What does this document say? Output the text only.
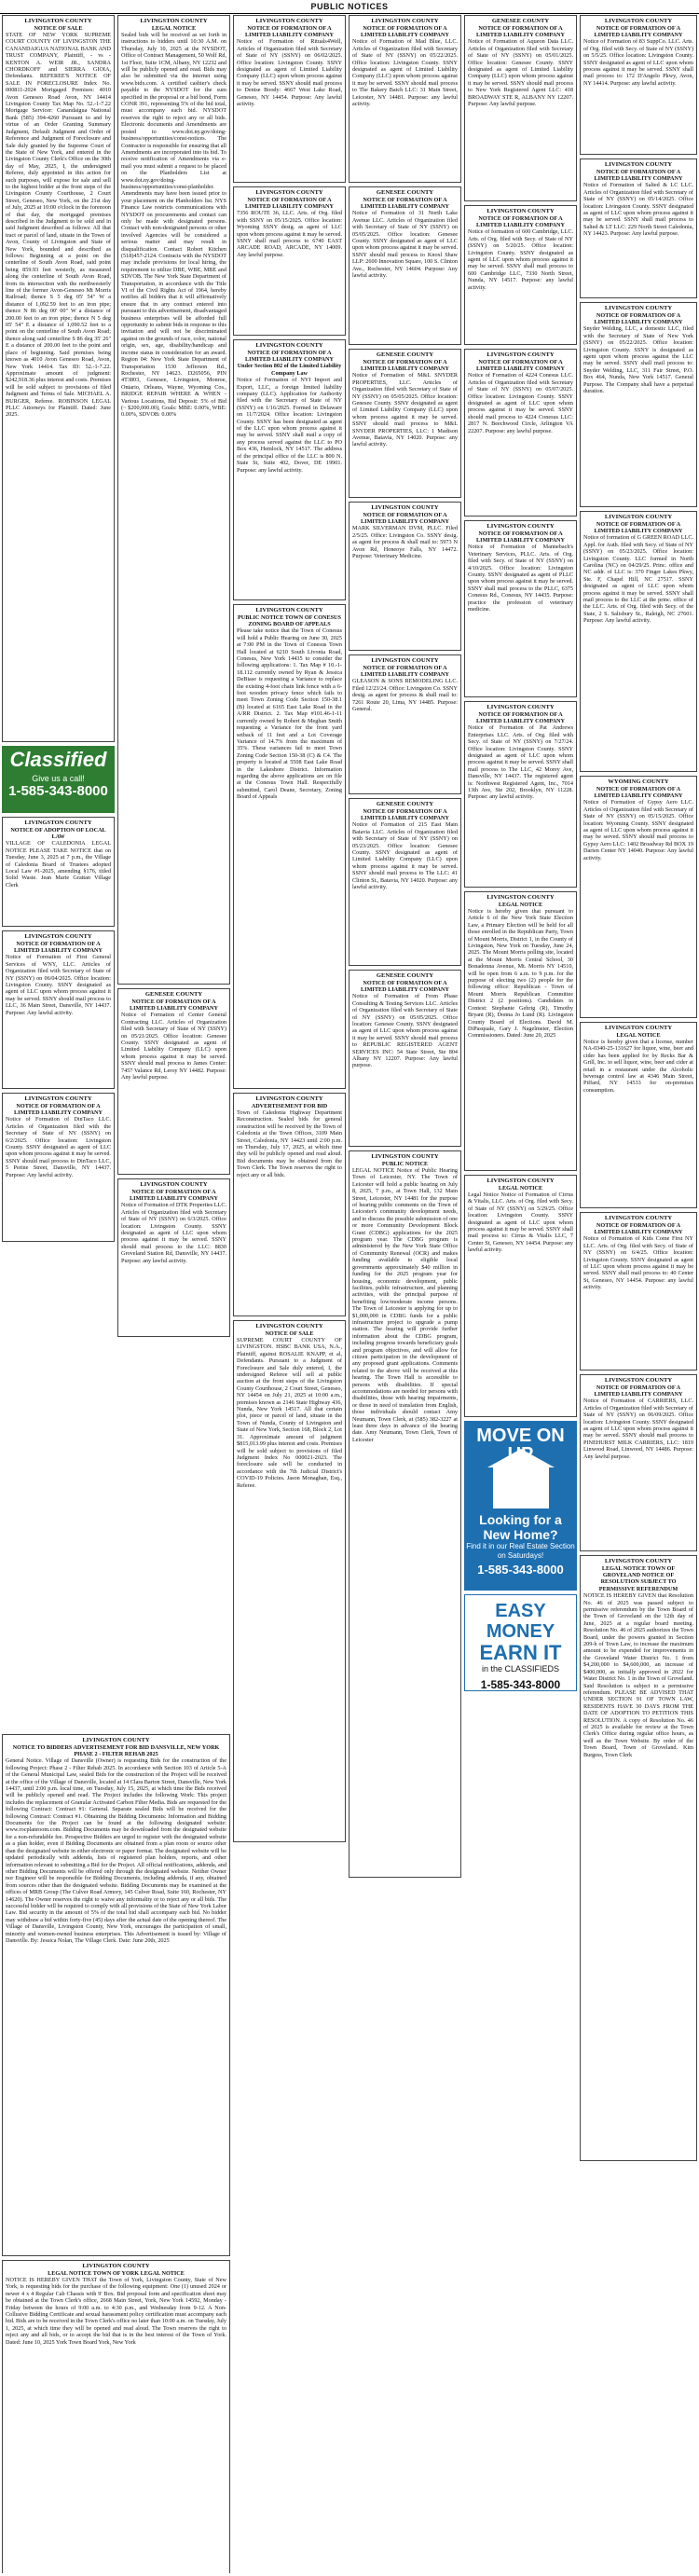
PUBLIC NOTICES
LIVINGSTON COUNTY
NOTICE OF SALE
STATE OF NEW YORK SUPREME COURT COUNTY OF LIVINGSTON THE CANANDAIGUA NATIONAL BANK AND TRUST COMPANY, Plaintiff, - vs - KENTON A. WEIR JR., SANDRA CHORDKOFF and SIERRA GIOIA, Defendants. REFEREE'S NOTICE OF SALE IN FORECLOSURE Index No. 000811-2024 Mortgaged Premises: 4010 Avon Geneseo Road Avon, NY 14414 Livingston County Tax Map No. 52.-1-7.22 Mortgage Servicer: Canandaigua National Bank (585) 394-4260 Pursuant to and by virtue of an Order Granting Summary Judgment, Default Judgment and Order of Reference and Judgment of Foreclosure and Sale duly granted by the Supreme Court of the State of New York, and entered in the Livingston County Clerk's Office on the 30th day of May, 2025, I, the undersigned Referee, duly appointed in this action for such purposes, will expose for sale and sell to the highest bidder at the front steps of the Livingston County Courthouse, 2 Court Street, Geneseo, New York, on the 21st day of July, 2025 at 10:00 o'clock in the forenoon of that day, the mortgaged premises described in the Judgment to be sold and in said Judgment described as follows: All that tract or parcel of land, situate in the Town of Avon, County of Livingston and State of New York, bounded and described as follows: Beginning at a point on the centerline of South Avon Road, said point being 859.93 feet westerly, as measured along the centerline of South Avon Road, from its intersection with the northwesterly line of the former Avon-Geneseo Mt Morris Railroad; thence S 5 deg 05' 54" W a distance of 1,092.59 feet to an iron pipe; thence N 86 deg 00' 00" W a distance of 200.00 feet to an iron pipe; thence N 5 deg 05' 54" E a distance of 1,090.52 feet to a point on the centerline of South Avon Road; thence along said centerline S 86 deg 35' 26" E a distance of 200.00 feet to the point and place of beginning. Said premises being known as 4010 Avon Geneseo Road, Avon, New York 14414. Tax ID: 52.-1-7.22. Approximate amount of judgment: $242,918.36 plus interest and costs. Premises will be sold subject to provisions of filed Judgment and Terms of Sale. MICHAEL A. BURGER, Referee. ROBINSON LEGAL PLLC Attorneys for Plaintiff. Dated: June 2025.
Classified
Give us a call!
1-585-343-8000
LIVINGSTON COUNTY
NOTICE OF ADOPTION OF LOCAL LAW
VILLAGE OF CALEDONIA LEGAL NOTICE PLEASE TAKE NOTICE that on Tuesday, June 3, 2025 at 7 p.m., the Village of Caledonia Board of Trustees adopted Local Law #1-2025, amending §176, titled Solid Waste. Jean Marie Grattan Village Clerk
LIVINGSTON COUNTY
NOTICE OF FORMATION OF A LIMITED LIABILITY COMPANY
Notice of Formation of First General Services of WNY, LLC. Articles of Organization filed with Secretary of State of NY (SSNY) on 06/04/2025. Office location: Livingston County. SSNY designated as agent of LLC upon whom process against it may be served. SSNY should mail process to LLC, 36 Main Street, Dansville, NY 14437. Purpose: Any lawful activity.
LIVINGSTON COUNTY
NOTICE OF FORMATION OF A LIMITED LIABILITY COMPANY
Notice of Formation of DinTaco LLC. Articles of Organization filed with the Secretary of State of NY (SSNY) on 6/2/2025. Office location: Livingston County. SSNY designated as agent of LLC upon whom process against it may be served. SSNY should mail process to DinTaco LLC, 5 Perine Street, Dansville, NY 14437. Purpose: Any lawful activity.
LIVINGSTON COUNTY
LEGAL NOTICE
Sealed bids will be received as set forth in instructions to bidders until 10:30 A.M. on Thursday, July 10, 2025 at the NYSDOT, Office of Contract Management, 50 Wolf Rd, 1st Floor, Suite 1CM, Albany, NY 12232 and will be publicly opened and read. Bids may also be submitted via the internet using www.bidx.com. A certified cashier's check payable to the NYSDOT for the sum specified in the proposal or a bid bond, Form CONR 391, representing 5% of the bid total, must accompany each bid. NYSDOT reserves the right to reject any or all bids. Electronic documents and Amendments are posted to www.dot.ny.gov/doing-business/opportunities/const-notices. The Contractor is responsible for ensuring that all Amendments are incorporated into its bid. To receive notification of Amendments via e-mail you must submit a request to be placed on the Planholders List at www.dot.ny.gov/doing-business/opportunities/const-planholder. Amendments may have been issued prior to your placement on the Planholders list. NYS Finance Law restricts communications with NYSDOT on procurements and contact can only be made with designated persons. Contact with non-designated persons or other involved Agencies will be considered a serious matter and may result in disqualification. Contact Robert Kitchen (518)457-2124. Contracts with the NYSDOT may include provisions for local hiring, the requirement to utilize DBE, WBE, MBE and SDVOB. The New York State Department of Transportation, in accordance with the Title VI of the Civil Rights Act of 1964, hereby notifies all bidders that it will affirmatively ensure that in any contract entered into pursuant to this advertisement, disadvantaged business enterprises will be afforded full opportunity to submit bids in response to this invitation and will not be discriminated against on the grounds of race, color, national origin, sex, age, disability/handicap and income status in consideration for an award. Region 04: New York State Department of Transportation 1530 Jefferson Rd., Rochester, NY 14623. D265056, PIN 4T3803, Genesee, Livingston, Monroe, Ontario, Orleans, Wayne, Wyoming Cos., BRIDGE REPAIR WHERE & WHEN - Various Locations, Bid Deposit: 5% of Bid (~ $200,000.00), Goals: MBE: 0.00%, WBE: 0.00%, SDVOB: 0.00%
GENESEE COUNTY
NOTICE OF FORMATION OF A LIMITED LIABILITY COMPANY
Notice of Formation of Center General Contracting LLC. Articles of Organization filed with Secretary of State of NY (SSNY) on 05/21/2025. Office location: Genesee County. SSNY designated as agent of Limited Liability Company (LLC) upon whom process against it may be served. SSNY should mail process to James Center: 7457 Valance Rd, Leroy NY 14482. Purpose: Any lawful purpose.
LIVINGSTON COUNTY
NOTICE OF FORMATION OF A LIMITED LIABILITY COMPANY
Notice of Formation of DTK Properties LLC. Articles of Organization filed with Secretary of State of NY (SSNY) on 6/3/2025. Office location: Livingston County. SSNY designated as agent of LLC upon whom process against it may be served. SSNY should mail process to the LLC: 8830 Groveland Station Rd, Dansville, NY 14437. Purpose: any lawful activity.
LIVINGSTON COUNTY
NOTICE OF FORMATION OF A LIMITED LIABILITY COMPANY
Notice of Formation of Rituals4Well, Articles of Organization filed with Secretary of State of NY (SSNY) on 06/02/2025. Office location: Livingston County. SSNY designated as agent of Limited Liability Company (LLC) upon whom process against it may be served. SSNY should mail process to Denise Boody: 4667 West Lake Road, Geneseo, NY 14454. Purpose: Any lawful activity.
LIVINGSTON COUNTY
NOTICE OF FORMATION OF A LIMITED LIABILITY COMPANY
7356 ROUTE 36, LLC. Arts. of Org. filed with SSNY on 05/15/2025. Office location: Wyoming SSNY desig. as agent of LLC upon whom process against it may be served. SSNY shall mail process to 6740 EAST ARCADE ROAD, ARCADE, NY 14009. Any lawful purpose.
LIVINGSTON COUNTY
NOTICE OF FORMATION OF A LIMITED LIABILITY COMPANY Under Section 802 of the Limited Liability Company Law
Notice of Formation of NYI Import and Export, LLC, a foreign limited liability company (LLC). Application for Authority filed with the Secretary of State of NY (SSNY) on 1/16/2025. Formed in Delaware on 11/7/2024. Office location: Livingston County. SSNY has been designated as agent of the LLC upon whom process against it may be served. SSNY shall mail a copy of any process served against the LLC to PO Box 436, Hemlock, NY 14517. The address of the principal office of the LLC is 800 N. State St, Suite 402, Dover, DE 19901. Purpose: any lawful activity.
LIVINGSTON COUNTY
PUBLIC NOTICE TOWN OF CONESUS ZONING BOARD OF APPEALS
Please take notice that the Town of Conesus will hold a Public Hearing on June 30, 2025 at 7:00 PM in the Town of Conesus Town Hall located at 6210 South Livonia Road, Conesus, New York 14435 to consider the following applications: 1. Tax Map # 10.-1-18.112 currently owned by Ryan & Jessica DeBiase is requesting a Variance to replace the existing 4-foot chain link fence with a 6-foot wooden privacy fence which fails to meet Town Zoning Code Section 150-38.1 (B) located at 6165 East Lake Road in the A/RR District. 2. Tax Map #101.46-1-11 currently owned by Robert & Meghan Smith requesting a Variance for the front yard setback of 11 feet and a Lot Coverage Variance of 14.7% from the maximum of 35%. These variances fail to meet Town Zoning Code Section 150-38 (C) & C4. The property is located at 5508 East Lake Road in the Lakeshore District. Information regarding the above applications are on file at the Conesus Town Hall. Respectfully submitted, Carol Deane, Secretary, Zoning Board of Appeals
LIVINGSTON COUNTY
ADVERTISEMENT FOR BID
Town of Caledonia Highway Department Reconstruction. Sealed bids for general construction will be received by the Town of Caledonia at the Town Offices, 3109 Main Street, Caledonia, NY 14423 until 2:00 p.m. on Thursday, July 17, 2025, at which time they will be publicly opened and read aloud. Bid documents may be obtained from the Town Clerk. The Town reserves the right to reject any or all bids.
LIVINGSTON COUNTY
NOTICE OF SALE
SUPREME COURT COUNTY OF LIVINGSTON. HSBC BANK USA, N.A., Plaintiff, against ROSALIE KNAPP, et al, Defendants. Pursuant to a Judgment of Foreclosure and Sale duly entered, I, the undersigned Referee will sell at public auction at the front steps of the Livingston County Courthouse, 2 Court Street, Geneseo, NY 14454 on July 21, 2025 at 10:00 a.m., premises known as 2146 State Highway 436, Nunda, New York 14517. All that certain plot, piece or parcel of land, situate in the Town of Nunda, County of Livingston and State of New York, Section 168, Block 2, Lot 31. Approximate amount of judgment $815,013.99 plus interest and costs. Premises will be sold subject to provisions of filed Judgment Index No 000021-2023. The foreclosure sale will be conducted in accordance with the 7th Judicial District's COVID-19 Policies. Jason Monaghan, Esq., Referee.
LIVINGSTON COUNTY
NOTICE OF FORMATION OF A LIMITED LIABILITY COMPANY
Notice of Formation of Mad Blue, LLC. Articles of Organization filed with Secretary of State of NY (SSNY) on 05/22/2025. Office location: Livingston County. SSNY designated as agent of Limited Liability Company (LLC) upon whom process against it may be served. SSNY should mail process to The Bakery Batch LLC: 31 Main Street, Leicester, NY 14481. Purpose: any lawful activity.
GENESEE COUNTY
NOTICE OF FORMATION OF A LIMITED LIABILITY COMPANY
Notice of Formation of 31 North Lake Avenue LLC. Articles of Organization filed with Secretary of State of NY (SSNY) on 05/05/2025. Office location: Genesee County. SSNY designated as agent of LLC upon whom process against it may be served. SSNY should mail process to Knoxl Shaw LLP: 2600 Innovation Square, 100 S. Clinton Ave., Rochester, NY 14604. Purpose: Any lawful activity.
GENESEE COUNTY
NOTICE OF FORMATION OF A LIMITED LIABILITY COMPANY
Notice of Formation of M&L SNYDER PROPERTIES, LLC. Articles of Organization filed with Secretary of State of NY (SSNY) on 05/05/2025. Office location: Genesee County. SSNY designated as agent of Limited Liability Company (LLC) upon whom process against it may be served. SSNY should mail process to M&L SNYDER PROPERTIES, LLC: 1 Madison Avenue, Batavia, NY 14020. Purpose: any lawful activity.
LIVINGSTON COUNTY
NOTICE OF FORMATION OF A LIMITED LIABILITY COMPANY
MARK SILVERMAN DVM, PLLC. Filed 2/5/25. Office: Livingston Co. SSNY desig. as agent for process & shall mail to: 5973 N Avon Rd, Honeoye Falls, NY 14472. Purpose: Veterinary Medicine.
LIVINGSTON COUNTY
NOTICE OF FORMATION OF A LIMITED LIABILITY COMPANY
GLEASON & SONS REMODELING LLC. Filed 12/23/24. Office: Livingston Co. SSNY desig. as agent for process & shall mail to: 7261 Route 20, Lima, NY 14485. Purpose: General.
GENESEE COUNTY
NOTICE OF FORMATION OF A LIMITED LIABILITY COMPANY
Notice of Formation of 215 East Main Batavia LLC. Articles of Organization filed with Secretary of State of NY (SSNY) on 05/23/2025. Office location: Genesee County. SSNY designated as agent of Limited Liability Company (LLC) upon whom process against it may be served. SSNY should mail process to The LLC: 41 Clinton St., Batavia, NY 14020. Purpose: any lawful activity.
GENESEE COUNTY
NOTICE OF FORMATION OF A LIMITED LIABILITY COMPANY
Notice of Formation of From Phase Consulting & Testing Services LLC. Articles of Organization filed with Secretary of State of NY (SSNY) on 05/05/2025. Office location: Genesee County. SSNY designated as agent of LLC upon whom process against it may be served. SSNY should mail process to REPUBLIC REGISTERED AGENT SERVICES INC: 54 State Street, Ste 804 Albany NY 12207. Purpose: Any lawful purpose.
LIVINGSTON COUNTY
PUBLIC NOTICE
LEGAL NOTICE Notice of Public Hearing Town of Leicester, NY. The Town of Leicester will hold a public hearing on July 8, 2025, 7 p.m., at Town Hall, 132 Main Street, Leicester, NY 14481 for the purpose of hearing public comments on the Town of Leicester's community development needs, and to discuss the possible submission of one or more Community Development Block Grant (CDBG) applications for the 2025 program year. The CDBG program is administered by the New York State Office of Community Renewal (OCR) and makes funding available to eligible local governments approximately $40 million in funding for the 2025 program year for housing, economic development, public facilities, public infrastructure, and planning activities, with the principal purpose of benefiting low/moderate income persons. The Town of Leicester is applying for up to $1,000,000 in CDBG funds for a public infrastructure project to upgrade a pump station. The hearing will provide further information about the CDBG program, including progress towards beneficiary goals and program objectives, and will allow for citizen participation in the development of any proposed grant applications. Comments related to the above will be received at this hearing. The Town Hall is accessible to persons with disabilities. If special accommodations are needed for persons with disabilities, those with hearing impairments, or those in need of translation from English, those individuals should contact Amy Neumann, Town Clerk, at (585) 382-3227 at least three days in advance of the hearing date. Amy Neumann, Town Clerk, Town of Leicester
GENESEE COUNTY
NOTICE OF FORMATION OF A LIMITED LIABILITY COMPANY
Notice of Formation of Aqueon Data LLC. Articles of Organization filed with Secretary of State of NY (SSNY) on 05/01/2025. Office location: Genesee County. SSNY designated as agent of Limited Liability Company (LLC) upon whom process against it may be served. SSNY should mail process to New York Registered Agent LLC: 418 BROADWAY STE R, ALBANY NY 12207. Purpose: Any lawful purpose.
LIVINGSTON COUNTY
NOTICE OF FORMATION OF A LIMITED LIABILITY COMPANY
Notice of formation of 600 Cambridge, LLC. Arts. of Org. filed with Secy. of State of NY (SSNY) on 5/20/25. Office location: Livingston County. SSNY designated as agent of LLC upon whom process against it may be served. SSNY shall mail process to 600 Cambridge LLC, 7330 North Street, Nunda, NY 14517. Purpose: any lawful activity.
LIVINGSTON COUNTY
NOTICE OF FORMATION OF A LIMITED LIABILITY COMPANY
Notice of Formation of 4224 Conesus LLC. Articles of Organization filed with Secretary of State of NY (SSNY) on 05/07/2025. Office location: Livingston County. SSNY designated as agent of LLC upon whom process against it may be served. SSNY should mail process to 4224 Conesus LLC: 2817 N. Beechwood Circle, Arlington VA 22207. Purpose: any lawful purpose.
LIVINGSTON COUNTY
NOTICE OF FORMATION OF A LIMITED LIABILITY COMPANY
Notice of Formation of Mannebach's Veterinary Services, PLLC. Arts. of Org. filed with Secy. of State of NY (SSNY) on 4/10/2025. Office location: Livingston County. SSNY designated as agent of PLLC upon whom process against it may be served. SSNY shall mail process to the PLLC, 6375 Conesus Rd., Conesus, NY 14435. Purpose: practice the profession of veterinary medicine.
LIVINGSTON COUNTY
NOTICE OF FORMATION OF A LIMITED LIABILITY COMPANY
Notice of Formation of Pat Andrews Enterprises LLC. Arts. of Org. filed with Secy. of State of NY (SSNY) on 7/27/24. Office location: Livingston County. SSNY designated as agent of LLC upon whom process against it may be served. SSNY shall mail process to The LLC, 42 Morey Ave, Dansville, NY 14437. The registered agent is: Northwest Registered Agent, Inc., 7014 13th Ave, Ste 202, Brooklyn, NY 11228. Purpose: any lawful activity.
LIVINGSTON COUNTY
LEGAL NOTICE
Notice is hereby given that pursuant to Article 6 of the New York State Election Law, a Primary Election will be held for all those enrolled in the Republican Party, Town of Mount Morris, District 1, in the County of Livingston, New York on Tuesday, June 24, 2025. The Mount Morris polling site, located at the Mount Morris Central School, 30 Bonadonna Avenue, Mt. Morris NY 14510, will be open from 6 a.m. to 9 p.m. for the purpose of electing two (2) people for the following office: Republican - Town of Mount Morris Republican Committee District 2 (2 positions). Candidates in Contest: Stephanie Gehrig (R), Timothy Bryant (R), Donna Jo Lund (R). Livingston County Board of Elections. David M. DiPasquale, Gary J. Nagelmeier, Election Commissioners. Dated: June 20, 2025
LIVINGSTON COUNTY
LEGAL NOTICE
Legal Notice Notice of Formation of Cirrus & Vitalis, LLC. Arts. of Org. filed with Secy. of State of NY (SSNY) on 5/29/25. Office location: Livingston County. SSNY designated as agent of LLC upon whom process against it may be served. SSNY shall mail process to: Cirrus & Vitalis LLC, 7 Center St, Geneseo, NY 14454. Purpose: any lawful activity.
MOVE ON
Looking for a New Home?
Find it in our Real Estate Section on Saturdays!
1-585-343-8000
EASY MONEY
EARN IT
in the CLASSIFIEDS
1-585-343-8000
LIVINGSTON COUNTY
NOTICE OF FORMATION OF A LIMITED LIABILITY COMPANY
Notice of Formation of 83 SuppCo. LLC. Arts. of Org. filed with Secy. of State of NY (SSNY) on 5/5/25. Office location: Livingston County. SSNY designated as agent of LLC upon whom process against it may be served. SSNY shall mail process to: 172 D'Angelo Pkwy, Avon, NY 14414. Purpose: any lawful activity.
LIVINGSTON COUNTY
NOTICE OF FORMATION OF A LIMITED LIABILITY COMPANY
Notice of Formation of Salted & LC LLC. Articles of Organization filed with Secretary of State of NY (SSNY) on 05/14/2025. Office location: Livingston County. SSNY designated as agent of LLC upon whom process against it may be served. SSNY shall mail process to Salted & LT LLC: 229 North Street Caledonia, NY 14423. Purpose: Any lawful purpose.
LIVINGSTON COUNTY
NOTICE OF FORMATION OF A LIMITED LIABILITY COMPANY
Snyder Welding, LLC, a domestic LLC, filed with the Secretary of State of New York (SSNY) on 05/22/2025. Office location: Livingston County. SSNY is designated as agent upon whom process against the LLC may be served. SSNY shall mail process to: Snyder Welding, LLC, 311 Fair Street, P.O. Box 464, Nunda, New York 14517. General Purpose. The Company shall have a perpetual duration.
LIVINGSTON COUNTY
NOTICE OF FORMATION OF A LIMITED LIABILITY COMPANY
Notice of formation of G GREEN ROAD LLC. Appl. for Auth. filed with Secy. of State of NY (SSNY) on 05/23/2025. Office location: Livingston County. LLC formed in North Carolina (NC) on 04/29/25. Princ. office and NC addr. of LLC is: 370 Finger Lakes Pkwy, Ste. F, Chapel Hill, NC 27517. SSNY designated as agent of LLC upon whom process against it may be served. SSNY shall mail process to the LLC at the princ. office of the LLC. Arts. of Org. filed with Secy. of the State, 2 S. Salisbury St., Raleigh, NC 27601. Purpose: Any lawful activity.
WYOMING COUNTY
NOTICE OF FORMATION OF A LIMITED LIABILITY COMPANY
Notice of Formation of Gypsy Aero LLC. Articles of Organization filed with Secretary of State of NY (SSNY) on 05/15/2025. Office location: Wyoming County. SSNY designated as agent of LLC upon whom process against it may be served. SSNY should mail process to Gypsy Aero LLC: 1402 Broadway Rd BOX 19 Darien Center NY 14040. Purpose: Any lawful activity.
LIVINGSTON COUNTY
LEGAL NOTICE
Notice is hereby given that a license, number NA-0340-25-131627 for liquor, wine, beer and cider has been applied for by Recks Bar & Grill, Inc. to sell liquor, wine, beer and cider at retail in a restaurant under the Alcoholic beverage control law at 4346 Main Street, Piffard, NY 14533 for on-premises consumption.
LIVINGSTON COUNTY
NOTICE OF FORMATION OF A LIMITED LIABILITY COMPANY
Notice of Formation of Kids Come First NY LLC. Arts. of Org. filed with Secy. of State of NY (SSNY) on 6/4/25. Office location: Livingston County. SSNY designated as agent of LLC upon whom process against it may be served. SSNY shall mail process to: 40 Center St, Geneseo, NY 14454. Purpose: any lawful activity.
LIVINGSTON COUNTY
NOTICE OF FORMATION OF A LIMITED LIABILITY COMPANY
Notice of Formation of CARRIERS, LLC. Articles of Organization filed with Secretary of State of NY (SSNY) on 06/09/2025. Office location: Livingston County. SSNY designated as agent of LLC upon whom process against it may be served. SSNY should mail process to PINEHURST MILK CARRIERS, LLC: 1819 Linwood Road, Linwood, NY 14486. Purpose: Any lawful purpose.
LIVINGSTON COUNTY
LEGAL NOTICE TOWN OF GROVELAND NOTICE OF RESOLUTION SUBJECT TO PERMISSIVE REFERENDUM
NOTICE IS HEREBY GIVEN that Resolution No. 46 of 2025 was passed subject to permissive referendum by the Town Board of the Town of Groveland on the 12th day of June, 2025 at a regular board meeting. Resolution No. 46 of 2025 authorizes the Town Board, under the powers granted in Section 209-h of Town Law, to increase the maximum amount to be expended for improvements in the Groveland Water District No. 1 from $4,200,000 to $4,600,000, an increase of $400,000, as initially approved in 2022 for Water District No. 1 in the Town of Groveland. Said Resolution is subject to a permissive referendum. PLEASE BE ADVISED THAT UNDER SECTION 91 OF TOWN LAW, RESIDENTS HAVE 30 DAYS FROM THE DATE OF ADOPTION TO PETITION THIS RESOLUTION. A copy of Resolution No. 46 of 2025 is available for review at the Town Clerk's Office during regular office hours, as well as the Town Website. By order of the Town Board, Town of Groveland. Kim Burgess, Town Clerk
LIVINGSTON COUNTY
NOTICE TO BIDDERS ADVERTISEMENT FOR BID DANSVILLE, NEW YORK PHASE 2 - FILTER REHAB 2025
General Notice. Village of Dansville (Owner) is requesting Bids for the construction of the following Project: Phase 2 - Filter Rehab 2025. In accordance with Section 103 of Article 5-A of the General Municipal Law, sealed Bids for the construction of the Project will be received at the office of the Village of Dansville, located at 14 Clara Barton Street, Dansville, New York 14437, until 2:00 p.m. local time, on Tuesday, July 15, 2025, at which time the Bids received will be publicly opened and read. The Project includes the following Work: This project includes the replacement of Granular Activated Carbon Filter Media. Bids are requested for the following Contract: Contract #1: General. Separate sealed Bids will be received for the following Contract: Contract #1. Obtaining the Bidding Documents: Information and Bidding Documents for the Project can be found at the following designated website: www.rocplanroom.com. Bidding Documents may be downloaded from the designated website for a non-refundable fee. Prospective Bidders are urged to register with the designated website as a plan holder, even if Bidding Documents are obtained from a plan room or source other than the designated website in either electronic or paper format. The designated website will be updated periodically with addenda, lists of registered plan holders, reports, and other information relevant to submitting a Bid for the Project. All official notifications, addenda, and other Bidding Documents will be offered only through the designated website. Neither Owner nor Engineer will be responsible for Bidding Documents, including addenda, if any, obtained from sources other than the designated website. Bidding Documents may be examined at the offices of MRB Group (The Culver Road Armory, 145 Culver Road, Suite 160, Rochester, NY 14620). The Owner reserves the right to waive any informality or to reject any or all bids. The successful bidder will be required to comply with all provisions of the State of New York Labor Law. Bid security in the amount of 5% of the total bid shall accompany each bid. No bidder may withdraw a bid within forty-five (45) days after the actual date of the opening thereof. The Village of Dansville, Livingston County, New York, encourages the participation of small, minority and women-owned business enterprises. This Advertisement is issued by: Village of Dansville. By: Jessica Nolan, The Village Clerk. Date: June 20th, 2025
LIVINGSTON COUNTY
LEGAL NOTICE TOWN OF YORK LEGAL NOTICE
NOTICE IS HEREBY GIVEN THAT the Town of York, Livingston County, State of New York, is requesting bids for the purchase of the following equipment: One (1) unused 2024 or newer 4 x 4 Regular Cab Chassis with 9' Box. Bid proposal form and specification sheet may be obtained at the Town Clerk's office, 2668 Main Street, York, New York 14592, Monday - Friday between the hours of 9:00 a.m. to 4:30 p.m., and Wednesday from 9-12. A Non-Collusive Bidding Certificate and sexual harassment policy certification must accompany each bid. Bids are to be received in the Town Clerk's office no later than 10:00 a.m. on Tuesday, July 1, 2025, at which time they will be opened and read aloud. The Town reserves the right to reject any and all bids, or to accept the bid that is in the best interest of the Town of York. Dated: June 10, 2025 York Town Board York, New York
